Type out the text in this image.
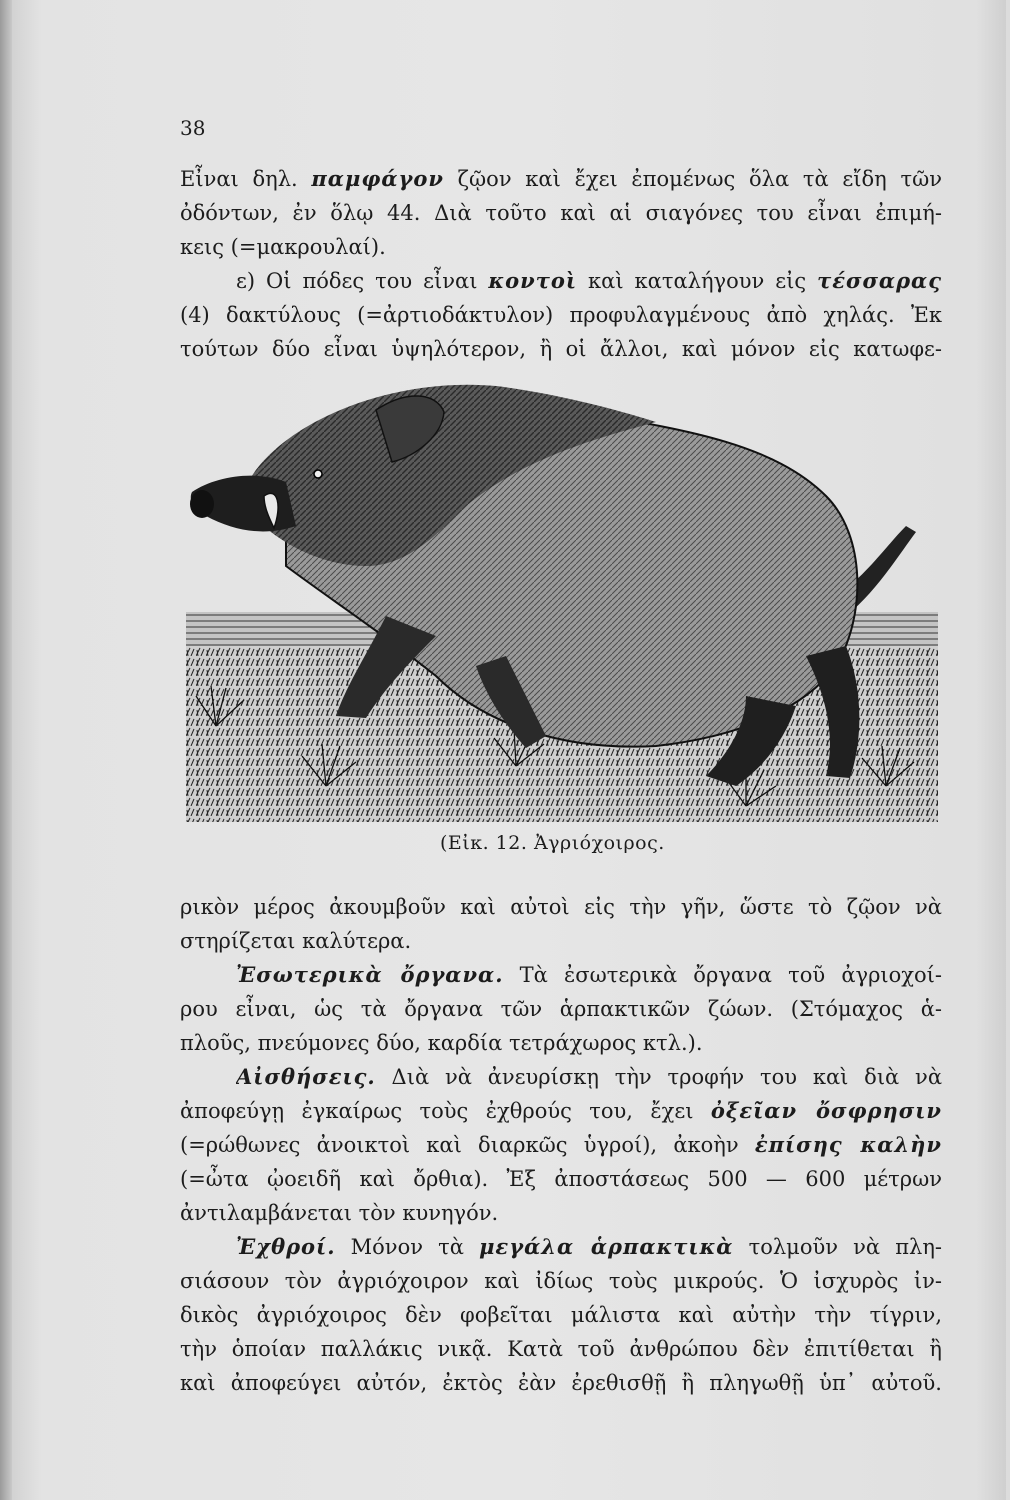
38
Εἶναι δηλ. παμφάγον ζῷον καὶ ἔχει ἐπομένως ὅλα τὰ εἴδη τῶν
ὀδόντων, ἐν ὅλῳ 44. Διὰ τοῦτο καὶ αἱ σιαγόνες του εἶναι ἐπιμή-
κεις (=μακρουλαί).
ε) Οἱ πόδες του εἶναι κοντοὶ καὶ καταλήγουν εἰς τέσσαρας
(4) δακτύλους (=ἀρτιοδάκτυλον) προφυλαγμένους ἀπὸ χηλάς. Ἐκ
τούτων δύο εἶναι ὑψηλότερον, ἢ οἱ ἄλλοι, καὶ μόνον εἰς κατωφε-
(Εἰκ. 12. Ἀγριόχοιρος.
ρικὸν μέρος ἀκουμβοῦν καὶ αὐτοὶ εἰς τὴν γῆν, ὥστε τὸ ζῷον νὰ
στηρίζεται καλύτερα.
Ἐσωτερικὰ ὄργανα. Τὰ ἐσωτερικὰ ὄργανα τοῦ ἀγριοχοί-
ρου εἶναι, ὡς τὰ ὄργανα τῶν ἁρπακτικῶν ζώων. (Στόμαχος ἁ-
πλοῦς, πνεύμονες δύο, καρδία τετράχωρος κτλ.).
Αἰσθήσεις. Διὰ νὰ ἀνευρίσκῃ τὴν τροφήν του καὶ διὰ νὰ
ἀποφεύγῃ ἐγκαίρως τοὺς ἐχθρούς του, ἔχει ὀξεῖαν ὄσφρησιν
(=ρώθωνες ἀνοικτοὶ καὶ διαρκῶς ὑγροί), ἀκοὴν ἐπίσης καλὴν
(=ὦτα ᾠοειδῆ καὶ ὄρθια). Ἐξ ἀποστάσεως 500 — 600 μέτρων
ἀντιλαμβάνεται τὸν κυνηγόν.
Ἐχθροί. Μόνον τὰ μεγάλα ἁρπακτικὰ τολμοῦν νὰ πλη-
σιάσουν τὸν ἀγριόχοιρον καὶ ἰδίως τοὺς μικρούς. Ὁ ἰσχυρὸς ἰν-
δικὸς ἀγριόχοιρος δὲν φοβεῖται μάλιστα καὶ αὐτὴν τὴν τίγριν,
τὴν ὁποίαν παλλάκις νικᾷ. Κατὰ τοῦ ἀνθρώπου δὲν ἐπιτίθεται ἢ
καὶ ἀποφεύγει αὐτόν, ἐκτὸς ἐὰν ἐρεθισθῇ ἢ πληγωθῇ ὑπ᾿ αὐτοῦ.
